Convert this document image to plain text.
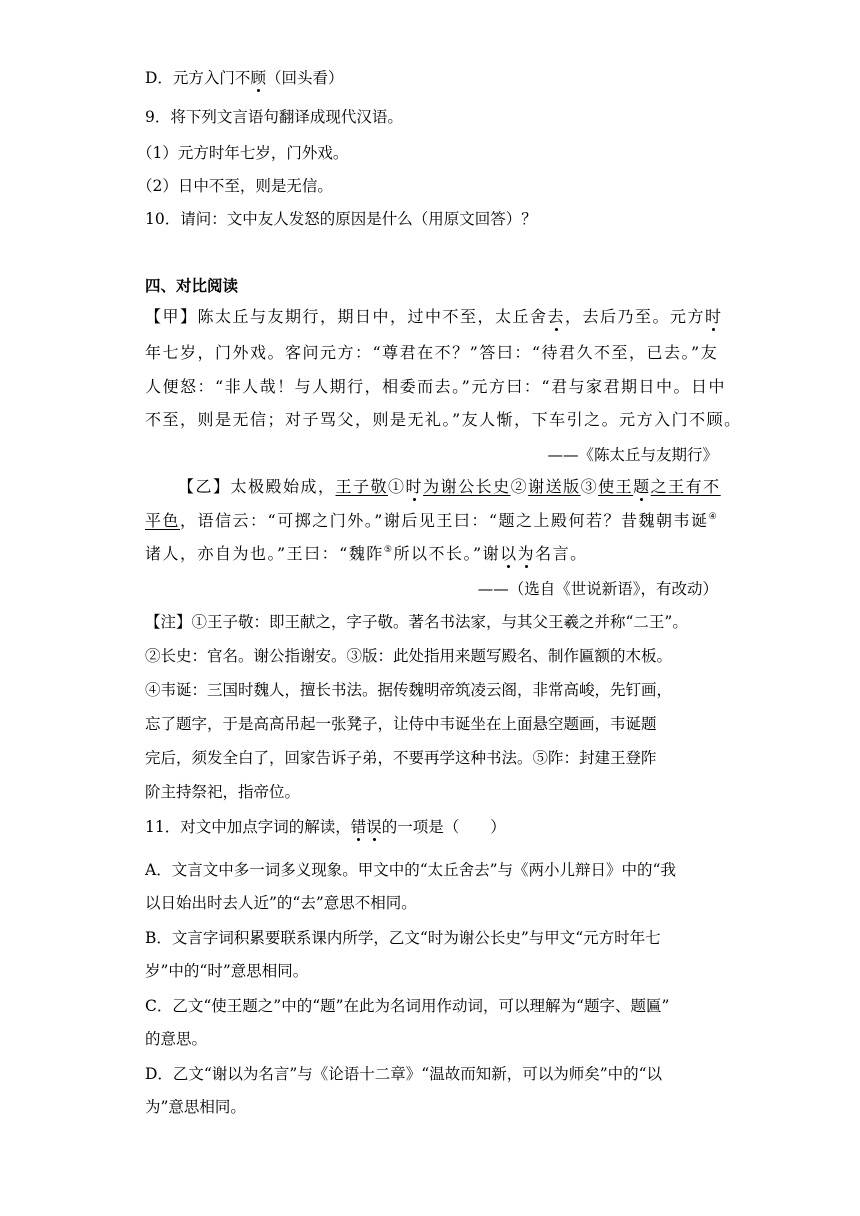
D．元方入门不顾（回头看）
9．将下列文言语句翻译成现代汉语。
（1）元方时年七岁，门外戏。
（2）日中不至，则是无信。
10．请问：文中友人发怒的原因是什么（用原文回答）？
四、对比阅读
【甲】陈太丘与友期行，期日中，过中不至，太丘舍去，去后乃至。元方时
年七岁，门外戏。客问元方：“尊君在不？”答曰：“待君久不至，已去。”友
人便怒：“非人哉！与人期行，相委而去。”元方曰：“君与家君期日中。日中
不至，则是无信；对子骂父，则是无礼。”友人惭，下车引之。元方入门不顾。
——《陈太丘与友期行》
【乙】太极殿始成，王子敬①时为谢公长史②谢送版③使王题之王有不
平色，语信云：“可掷之门外。”谢后见王曰：“题之上殿何若？昔魏朝韦诞④
诸人，亦自为也。”王曰：“魏阼⑤所以不长。”谢以为名言。
——（选自《世说新语》，有改动）
【注】①王子敬：即王献之，字子敬。著名书法家，与其父王羲之并称“二王”。
②长史：官名。谢公指谢安。③版：此处指用来题写殿名、制作匾额的木板。
④韦诞：三国时魏人，擅长书法。据传魏明帝筑凌云阁，非常高峻，先钉画，
忘了题字，于是高高吊起一张凳子，让侍中韦诞坐在上面悬空题画，韦诞题
完后，须发全白了，回家告诉子弟，不要再学这种书法。⑤阼：封建王登阼
阶主持祭祀，指帝位。
11．对文中加点字词的解读，错误的一项是（　　）
A．文言文中多一词多义现象。甲文中的“太丘舍去”与《两小儿辩日》中的“我
以日始出时去人近”的“去”意思不相同。
B．文言字词积累要联系课内所学，乙文“时为谢公长史”与甲文“元方时年七
岁”中的“时”意思相同。
C．乙文“使王题之”中的“题”在此为名词用作动词，可以理解为“题字、题匾”
的意思。
D．乙文“谢以为名言”与《论语十二章》“温故而知新，可以为师矣”中的“以
为”意思相同。
